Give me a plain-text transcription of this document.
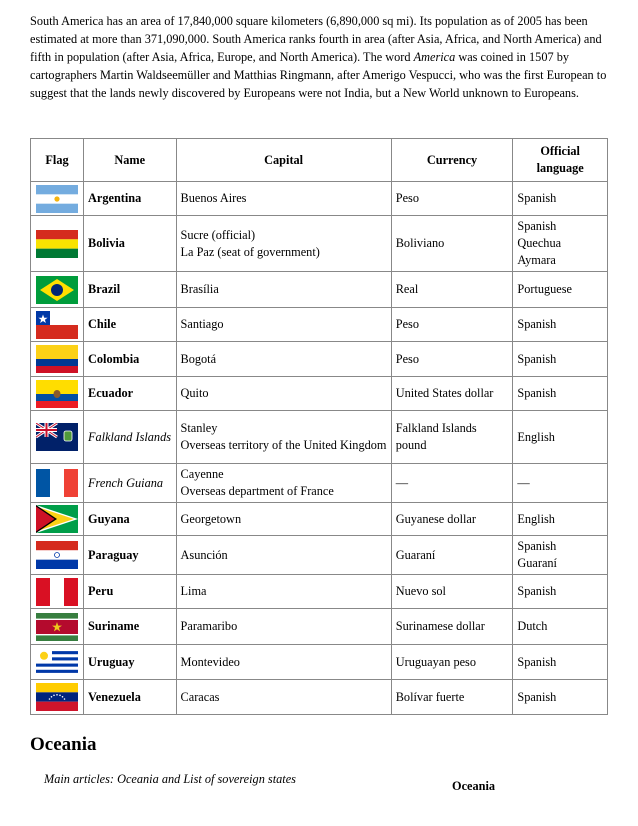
South America has an area of 17,840,000 square kilometers (6,890,000 sq mi). Its population as of 2005 has been estimated at more than 371,090,000. South America ranks fourth in area (after Asia, Africa, and North America) and fifth in population (after Asia, Africa, Europe, and North America). The word America was coined in 1507 by cartographers Martin Waldseemüller and Matthias Ringmann, after Amerigo Vespucci, who was the first European to suggest that the lands newly discovered by Europeans were not India, but a New World unknown to Europeans.

Flag	Name	Capital	Currency	Official language

	Argentina	Buenos Aires	Peso	Spanish

	Bolivia	Sucre (official)
La Paz (seat of government)	Boliviano	Spanish
Quechua
Aymara

	Brazil	Brasília	Real	Portuguese

	Chile	Santiago	Peso	Spanish

	Colombia	Bogotá	Peso	Spanish

	Ecuador	Quito	United States dollar	Spanish

	Falkland Islands	Stanley
Overseas territory of the United Kingdom	Falkland Islands pound	English

	French Guiana	Cayenne
Overseas department of France	—	—

	Guyana	Georgetown	Guyanese dollar	English

	Paraguay	Asunción	Guaraní	Spanish
Guaraní

	Peru	Lima	Nuevo sol	Spanish

	Suriname	Paramaribo	Surinamese dollar	Dutch

	Uruguay	Montevideo	Uruguayan peso	Spanish

	Venezuela	Caracas	Bolívar fuerte	Spanish
Oceania

Main articles: Oceania and List of sovereign states	Oceania
